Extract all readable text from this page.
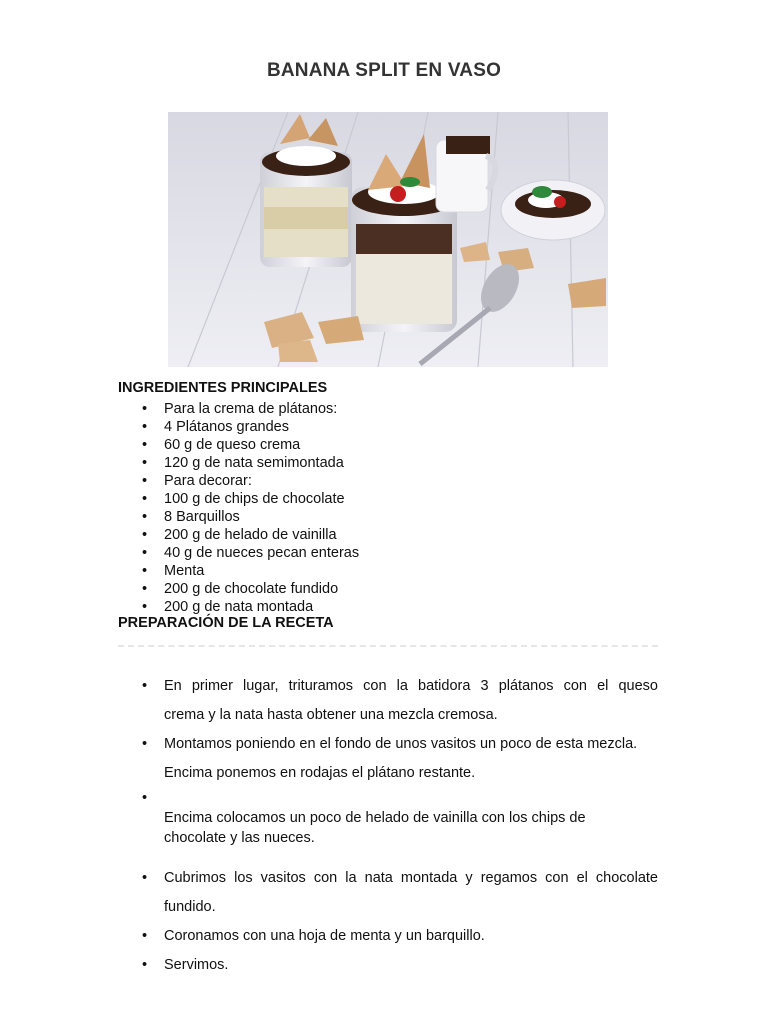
BANANA SPLIT EN VASO
INGREDIENTES PRINCIPALES
• Para la crema de plátanos:
• 4 Plátanos grandes
• 60 g de queso crema
• 120 g de nata semimontada
• Para decorar:
• 100 g de chips de chocolate
• 8 Barquillos
• 200 g de helado de vainilla
• 40 g de nueces pecan enteras
• Menta
• 200 g de chocolate fundido
• 200 g de nata montada
PREPARACIÓN DE LA RECETA
• En primer lugar, trituramos con la batidora 3 plátanos con el queso
crema y la nata hasta obtener una mezcla cremosa.
• Montamos poniendo en el fondo de unos vasitos un poco de esta mezcla.
Encima ponemos en rodajas el plátano restante.
• Encima colocamos un poco de helado de vainilla con los chips de
chocolate y las nueces.
• Cubrimos los vasitos con la nata montada y regamos con el chocolate
fundido.
• Coronamos con una hoja de menta y un barquillo.
• Servimos.
